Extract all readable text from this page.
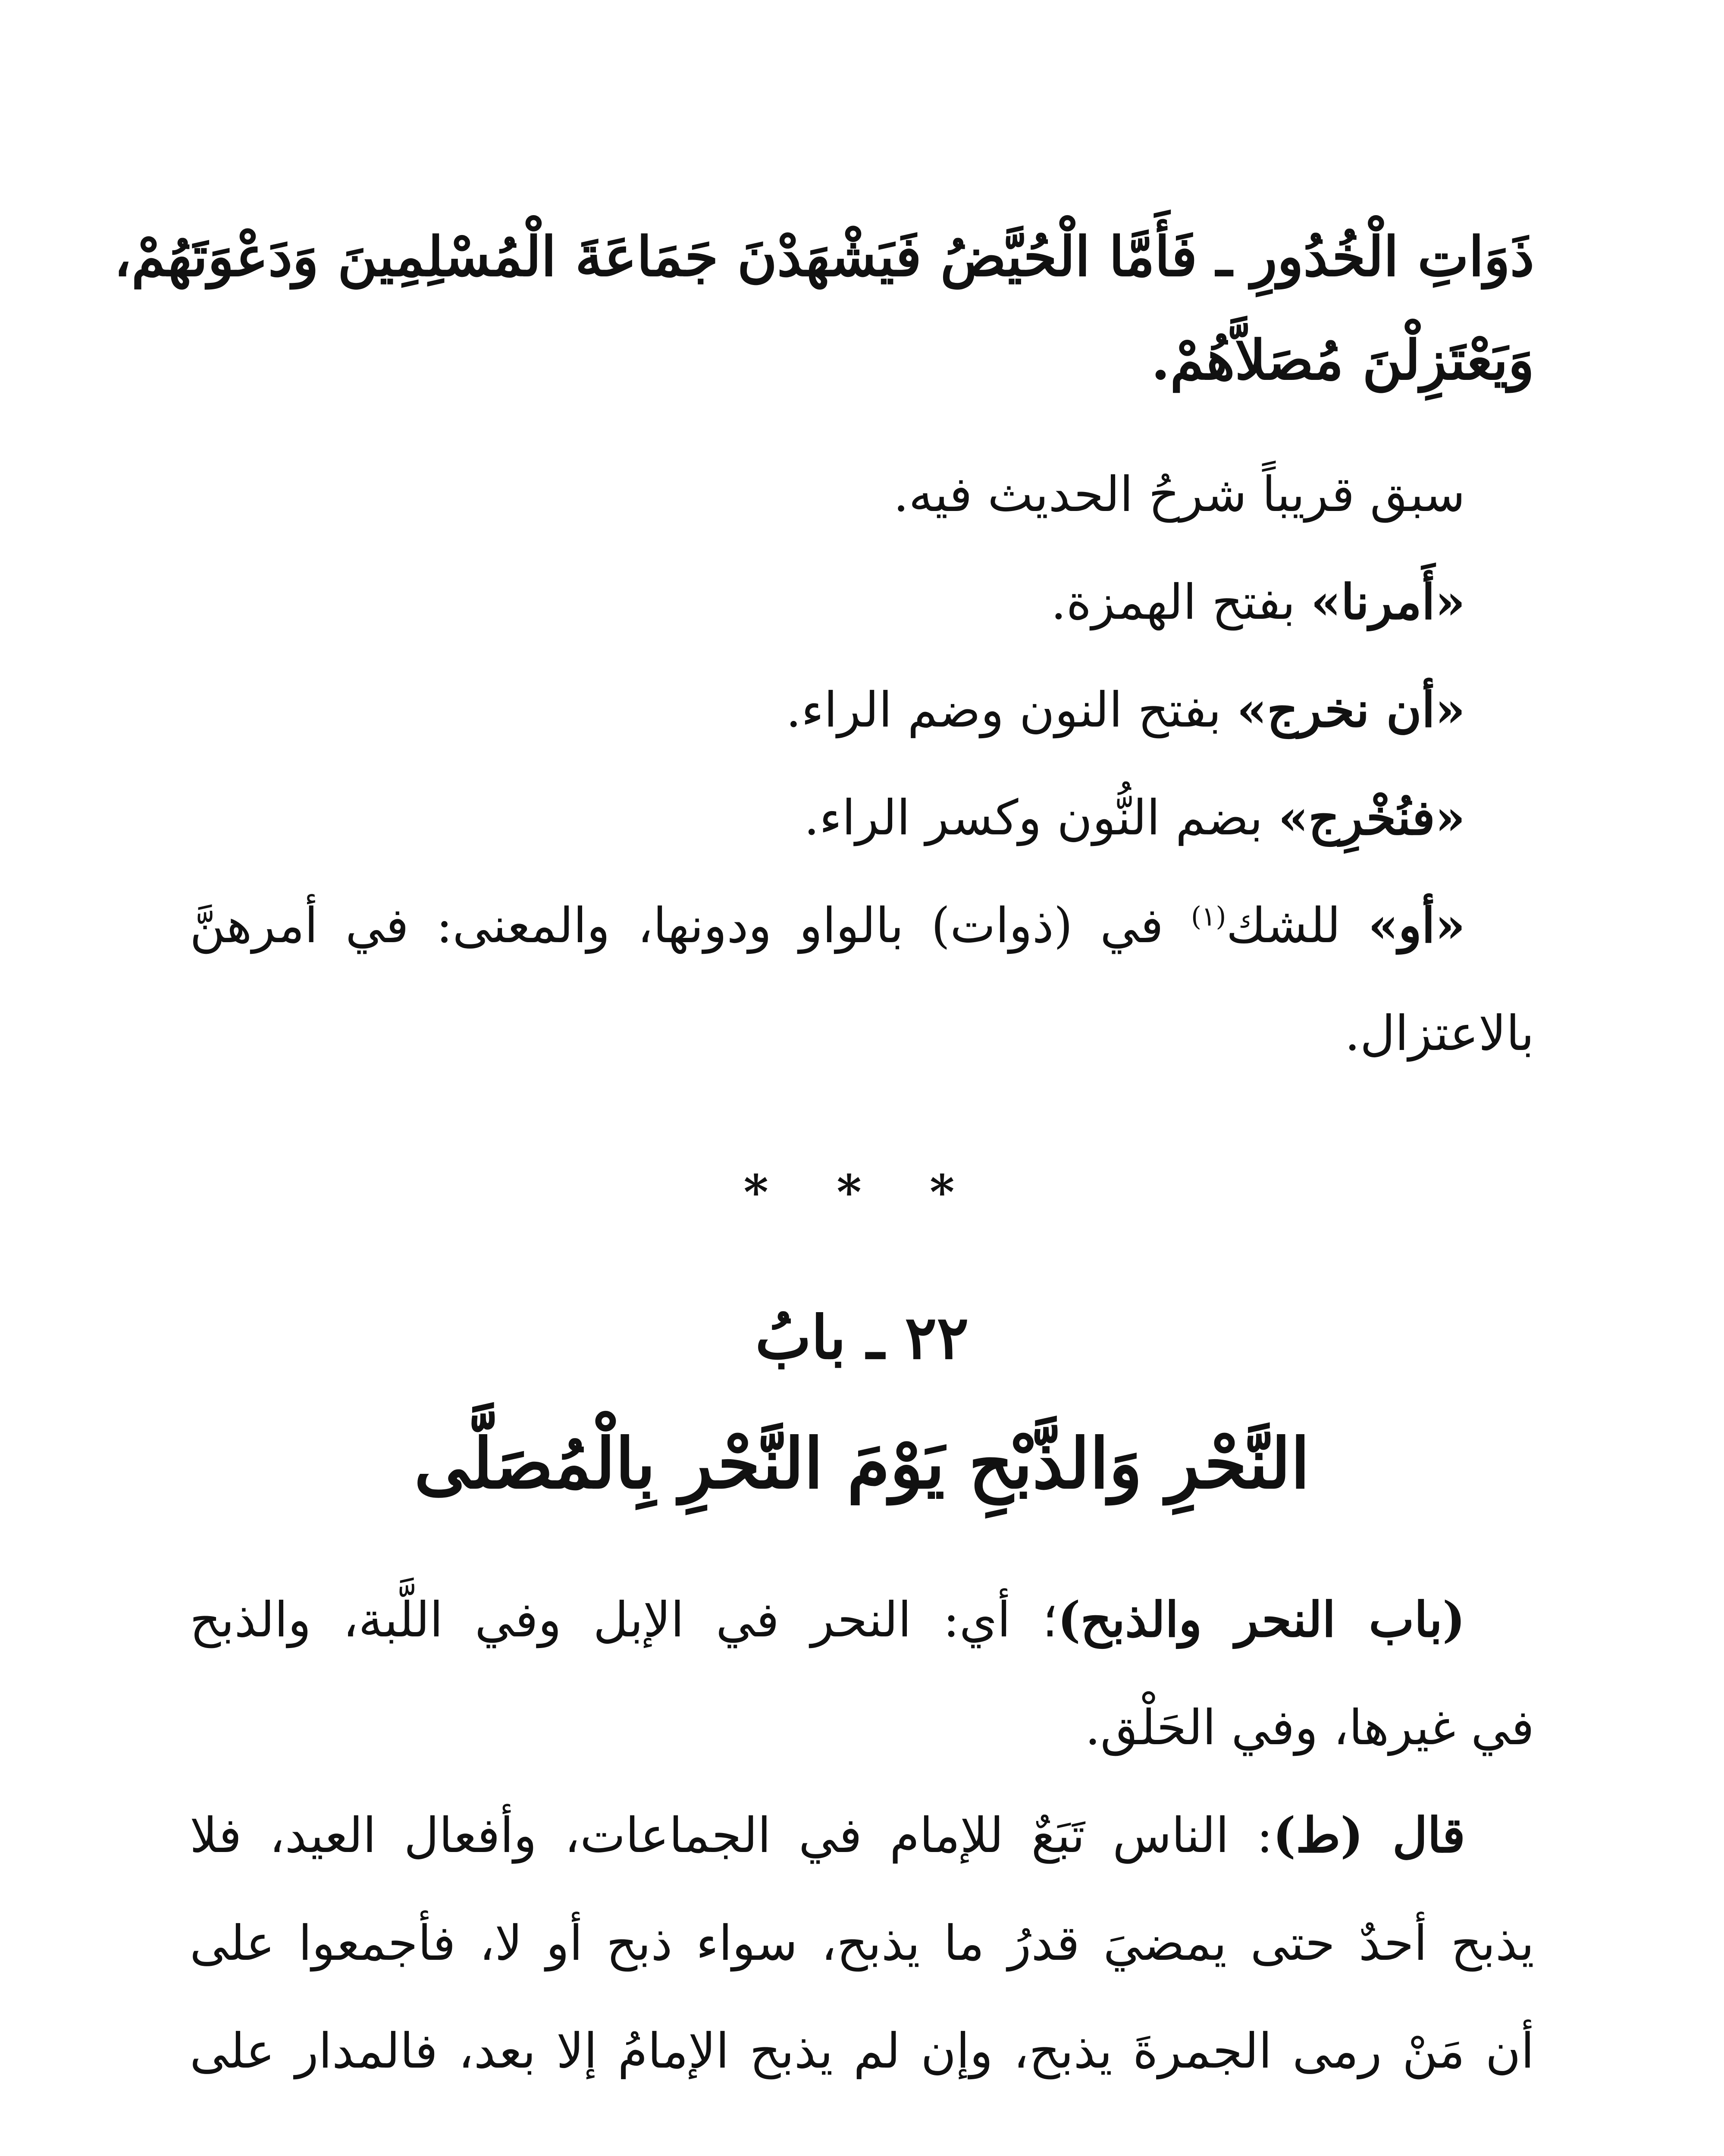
ذَوَاتِ الْخُدُورِ ـ فَأَمَّا الْحُيَّضُ فَيَشْهَدْنَ جَمَاعَةَ الْمُسْلِمِينَ وَدَعْوَتَهُمْ،
وَيَعْتَزِلْنَ مُصَلاَّهُمْ.
سبق قريباً شرحُ الحديث فيه.
«أَمرنا» بفتح الهمزة.
«أن نخرج» بفتح النون وضم الراء.
«فنُخْرِج» بضم النُّون وكسر الراء.
«أو» للشك$^{(١)}$ في (ذوات) بالواو ودونها، والمعنى: في أمرهنَّ
بالاعتزال.
* * *
٢٢ ـ بابُ
النَّحْرِ وَالذَّبْحِ يَوْمَ النَّحْرِ بِالْمُصَلَّى
(باب النحر والذبح)؛ أي: النحر في الإبل وفي اللَّبة، والذبح
في غيرها، وفي الحَلْق.
قال (ط): الناس تَبَعٌ للإمام في الجماعات، وأفعال العيد، فلا
يذبح أحدٌ حتى يمضيَ قدرُ ما يذبح، سواء ذبح أو لا، فأجمعوا على
أن مَنْ رمى الجمرةَ يذبح، وإن لم يذبح الإمامُ إلا بعد، فالمدار على
